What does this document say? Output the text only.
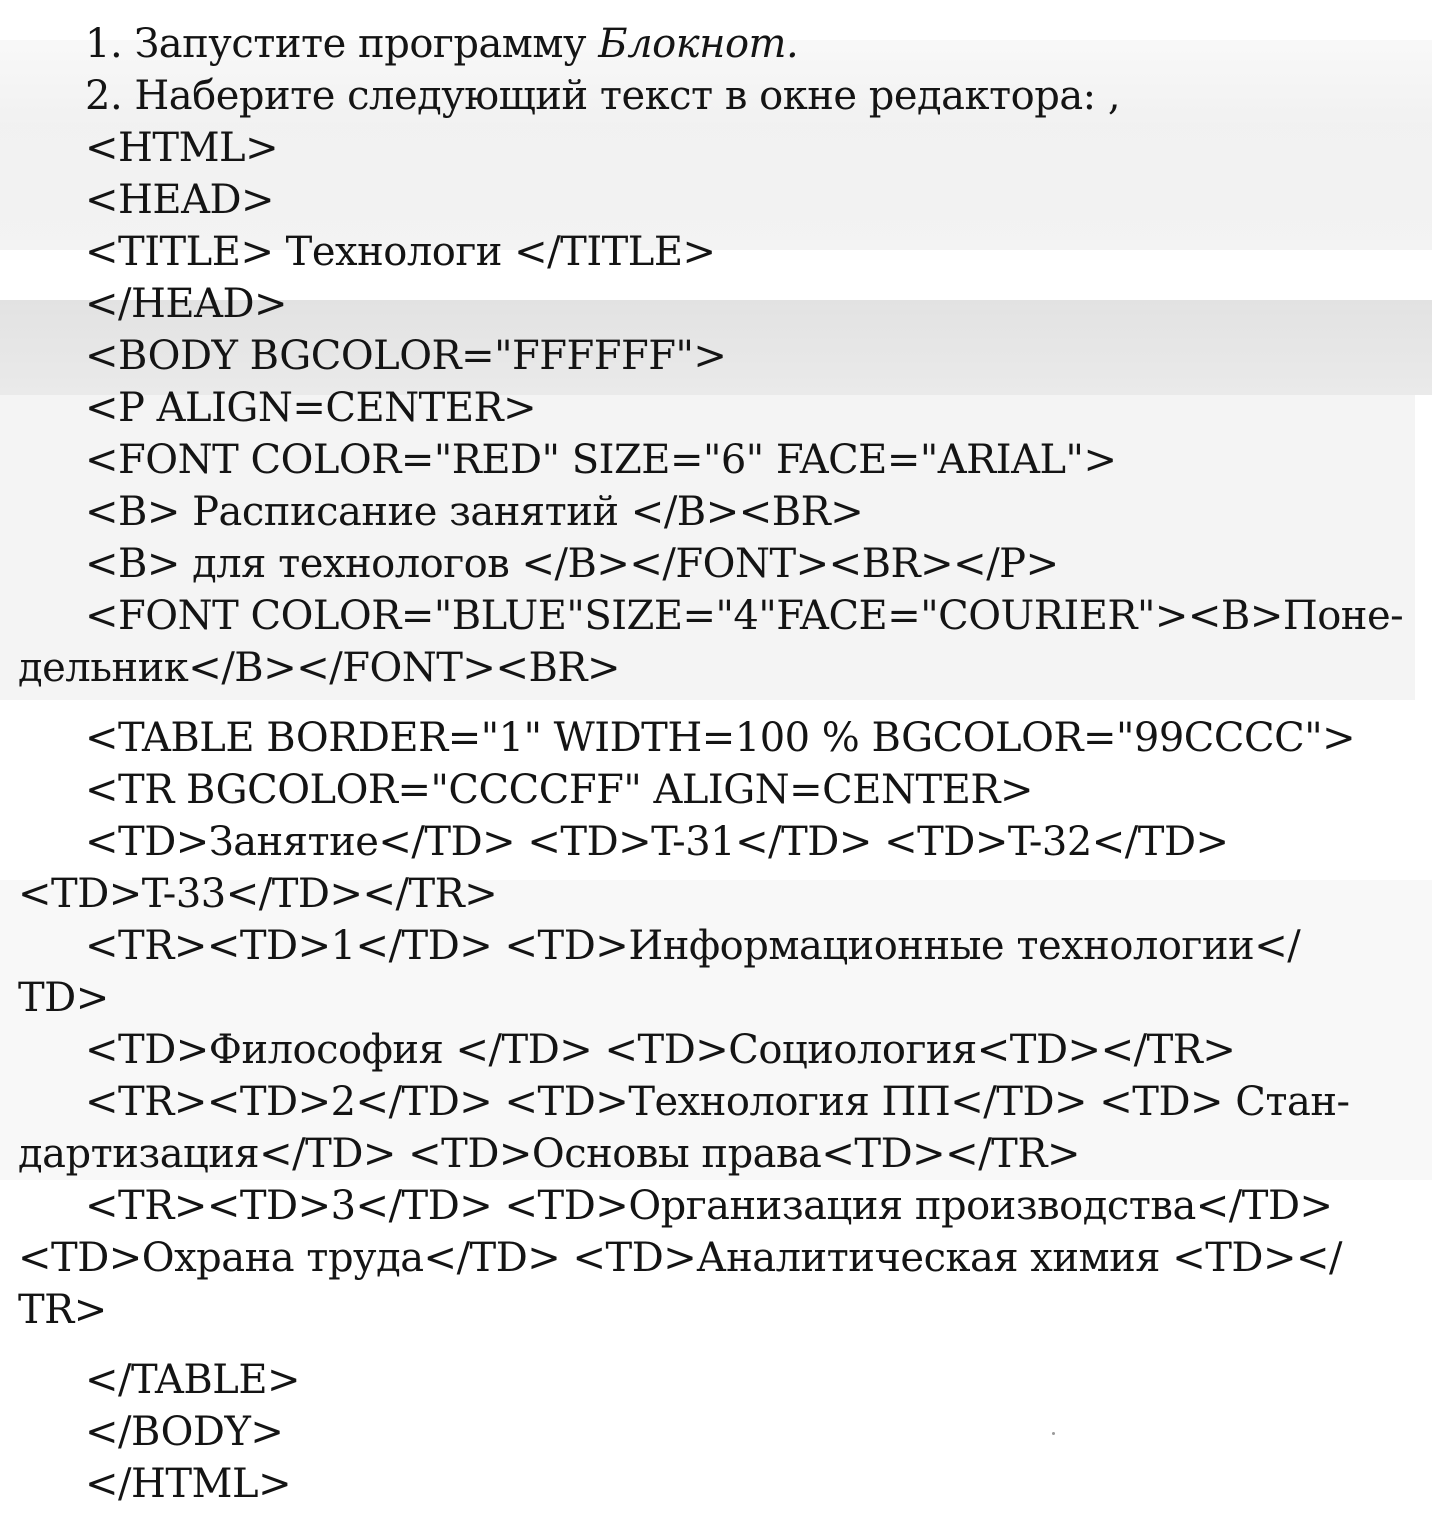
1. Запустите программу Блокнот.
2. Наберите следующий текст в окне редактора: ,
<HTML>
<HEAD>
<TITLE> Технологи </TITLE>
</HEAD>
<BODY BGCOLOR="FFFFFF">
<P ALIGN=CENTER>
<FONT COLOR="RED" SIZE="6" FACE="ARIAL">
<B> Расписание занятий </B><BR>
<B> для технологов </B></FONT><BR></P>
<FONT COLOR="BLUE"SIZE="4"FACE="COURIER"><B>Поне-
дельник</B></FONT><BR>
<TABLE BORDER="1" WIDTH=100 % BGCOLOR="99CCCC">
<TR BGCOLOR="CCCCFF" ALIGN=CENTER>
<TD>Занятие</TD> <TD>T-31</TD> <TD>T-32</TD>
<TD>T-33</TD></TR>
<TR><TD>1</TD> <TD>Информационные технологии</
TD>
<TD>Философия </TD> <TD>Социология<TD></TR>
<TR><TD>2</TD> <TD>Технология ПП</TD> <TD> Стан-
дартизация</TD> <TD>Основы права<TD></TR>
<TR><TD>3</TD> <TD>Организация производства</TD>
<TD>Охрана труда</TD> <TD>Аналитическая химия <TD></
TR>
</TABLE>
</BODY>
</HTML>
